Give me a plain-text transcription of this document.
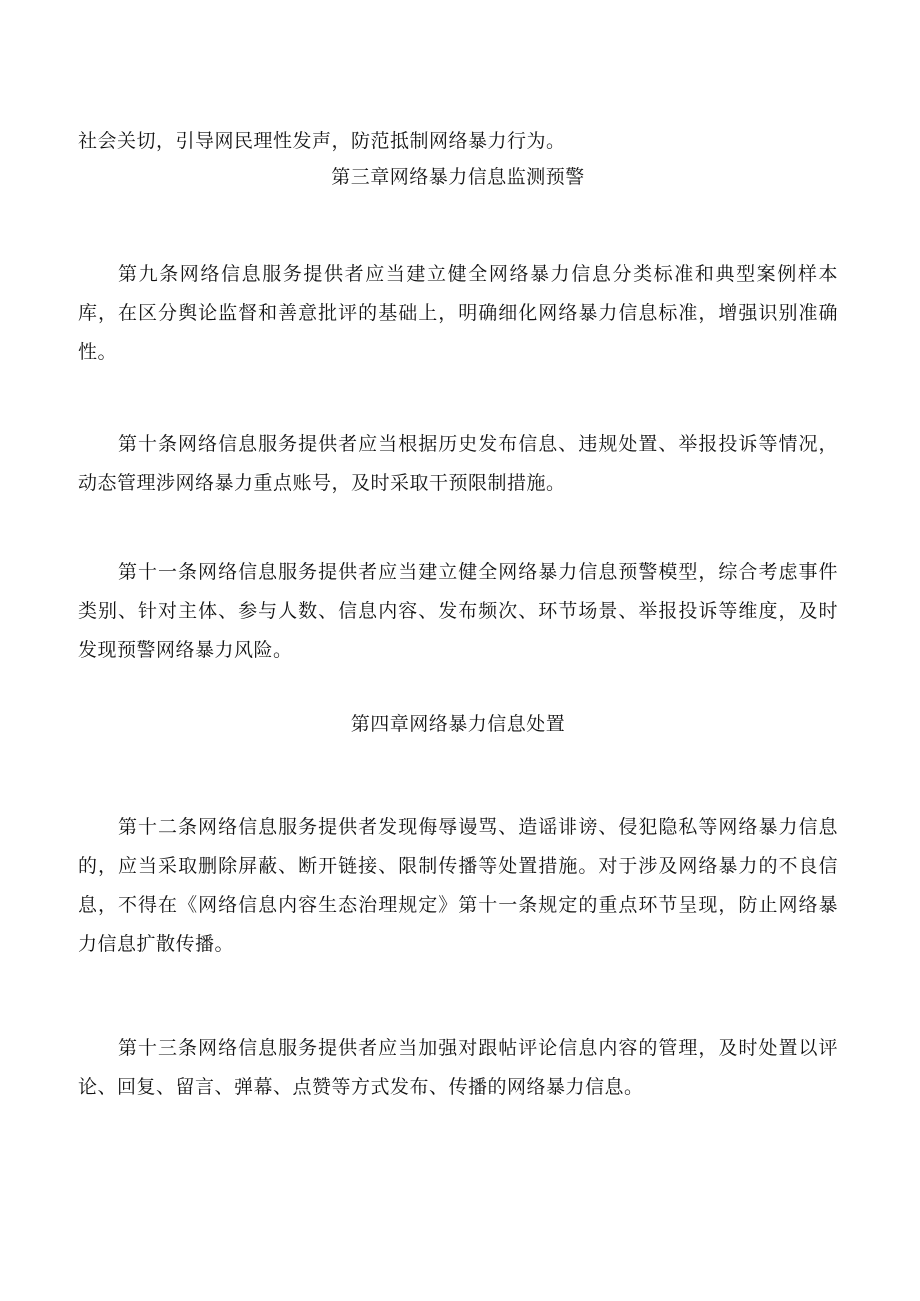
社会关切，引导网民理性发声，防范抵制网络暴力行为。

第三章网络暴力信息监测预警

第九条网络信息服务提供者应当建立健全网络暴力信息分类标准和典型案例样本库，在区分舆论监督和善意批评的基础上，明确细化网络暴力信息标准，增强识别准确性。

第十条网络信息服务提供者应当根据历史发布信息、违规处置、举报投诉等情况，动态管理涉网络暴力重点账号，及时采取干预限制措施。

第十一条网络信息服务提供者应当建立健全网络暴力信息预警模型，综合考虑事件类别、针对主体、参与人数、信息内容、发布频次、环节场景、举报投诉等维度，及时发现预警网络暴力风险。

第四章网络暴力信息处置

第十二条网络信息服务提供者发现侮辱谩骂、造谣诽谤、侵犯隐私等网络暴力信息的，应当采取删除屏蔽、断开链接、限制传播等处置措施。对于涉及网络暴力的不良信息，不得在《网络信息内容生态治理规定》第十一条规定的重点环节呈现，防止网络暴力信息扩散传播。

第十三条网络信息服务提供者应当加强对跟帖评论信息内容的管理，及时处置以评论、回复、留言、弹幕、点赞等方式发布、传播的网络暴力信息。
